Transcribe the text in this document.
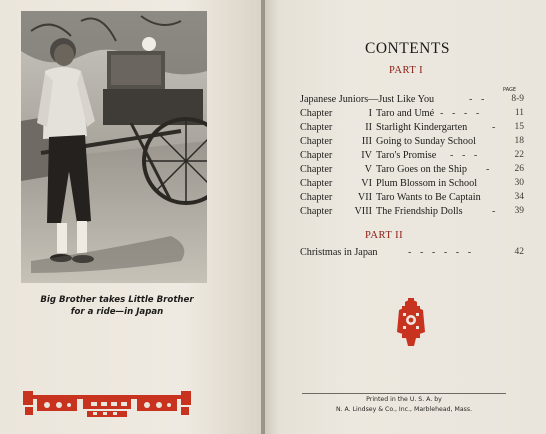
Big Brother takes Little Brother
for a ride—in Japan
CONTENTS
PART I
PAGE
Japanese Juniors—Just Like You	- -	8-9
Chapter	I Taro and Umé - - - -	11
Chapter	II Starlight Kindergarten - 15
Chapter	III Going to Sunday School	18
Chapter	IV Taro's Promise - - -	22
Chapter	V Taro Goes on the Ship - 26
Chapter	VI Plum Blossom in School	30
Chapter	VII Taro Wants to Be Captain	34
Chapter VIII The Friendship Dolls	- 39
PART II
Christmas in Japan	- - - - - -	42
Printed in the U. S. A. by
N. A. Lindsey & Co., Inc., Marblehead, Mass.
